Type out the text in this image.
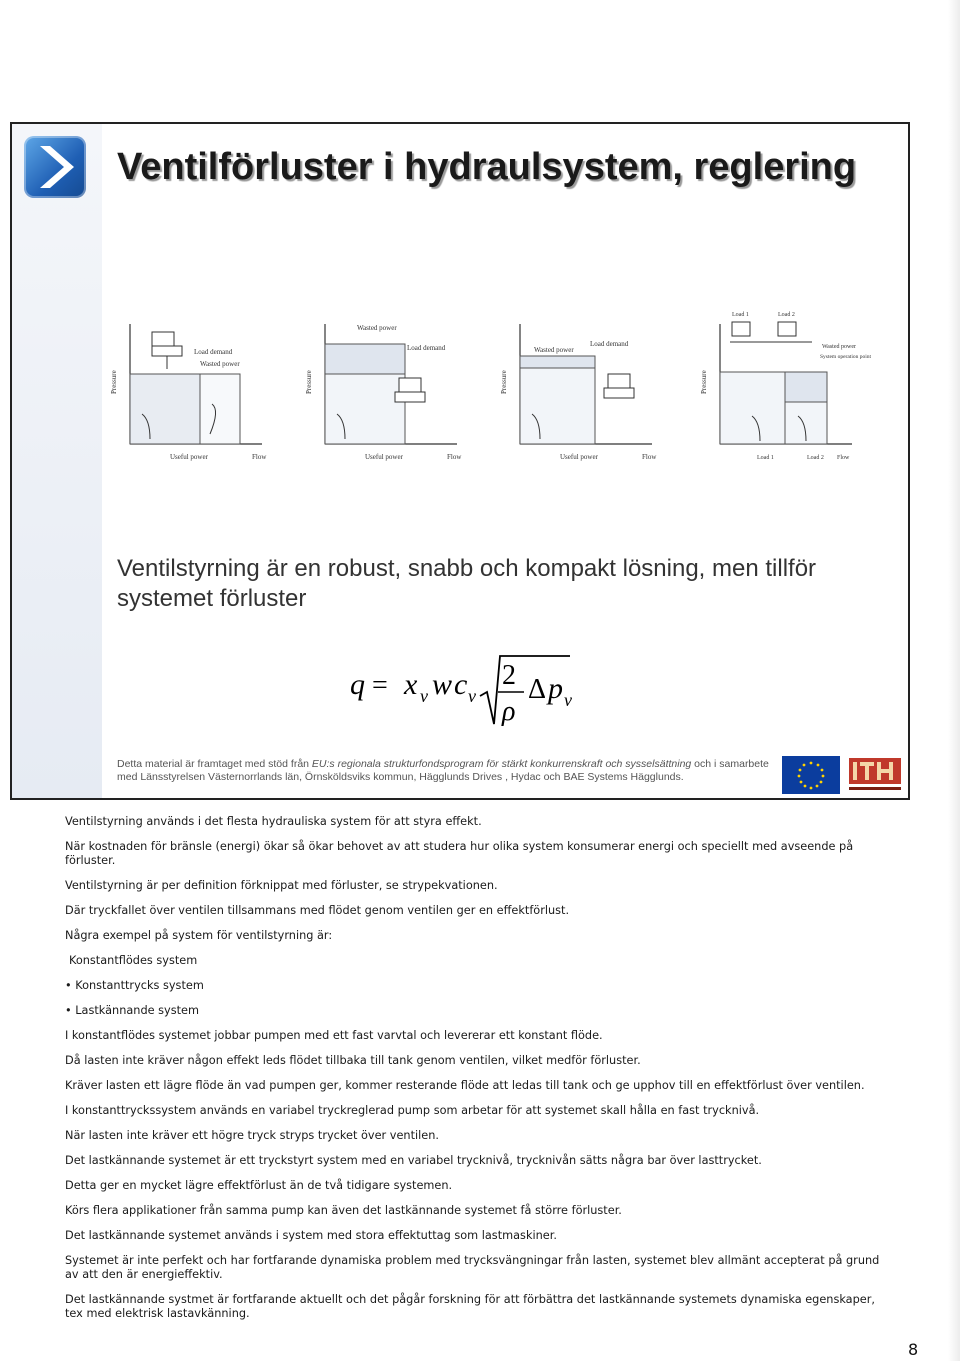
Ventilförluster i hydraulsystem, reglering
Pressure
Load demand
Wasted power
Useful power	Flow
Pressure
Wasted power
Load demand
Useful power	Flow
Pressure
Wasted power
Load demand
Useful power	Flow
Pressure
Load 1	Load 2
Wasted power
System operation point
Load 1	Load 2 Flow
Ventilstyrning är en robust, snabb och kompakt lösning, men tillför systemet förluster
q = x v w c v
2
ρ
Δ p v
Detta material är framtaget med stöd från EU:s regionala strukturfondsprogram för stärkt konkurrenskraft och sysselsättning och i samarbete med Länsstyrelsen Västernorrlands län, Örnsköldsviks kommun, Hägglunds Drives , Hydac och BAE Systems Hägglunds.

Ventilstyrning används i det flesta hydrauliska system för att styra effekt.

När kostnaden för bränsle (energi) ökar så ökar behovet av att studera hur olika system konsumerar energi och speciellt med avseende på förluster.

Ventilstyrning är per definition förknippat med förluster, se strypekvationen.

Där tryckfallet över ventilen tillsammans med flödet genom ventilen ger en effektförlust.

Några exempel på system för ventilstyrning är:

Konstantflödes system

• Konstanttrycks system

• Lastkännande system

I konstantflödes systemet jobbar pumpen med ett fast varvtal och levererar ett konstant flöde.

Då lasten inte kräver någon effekt leds flödet tillbaka till tank genom ventilen, vilket medför förluster.

Kräver lasten ett lägre flöde än vad pumpen ger, kommer resterande flöde att ledas till tank och ge upphov till en effektförlust över ventilen.

I konstanttryckssystem används en variabel tryckreglerad pump som arbetar för att systemet skall hålla en fast trycknivå.

När lasten inte kräver ett högre tryck stryps trycket över ventilen.

Det lastkännande systemet är ett tryckstyrt system med en variabel trycknivå, trycknivån sätts några bar över lasttrycket.

Detta ger en mycket lägre effektförlust än de två tidigare systemen.

Körs flera applikationer från samma pump kan även det lastkännande systemet få större förluster.

Det lastkännande systemet används i system med stora effektuttag som lastmaskiner.

Systemet är inte perfekt och har fortfarande dynamiska problem med trycksvängningar från lasten, systemet blev allmänt accepterat på grund av att den är energieffektiv.

Det lastkännande systmet är fortfarande aktuellt och det pågår forskning för att förbättra det lastkännande systemets dynamiska egenskaper, tex med elektrisk lastavkänning.

8
